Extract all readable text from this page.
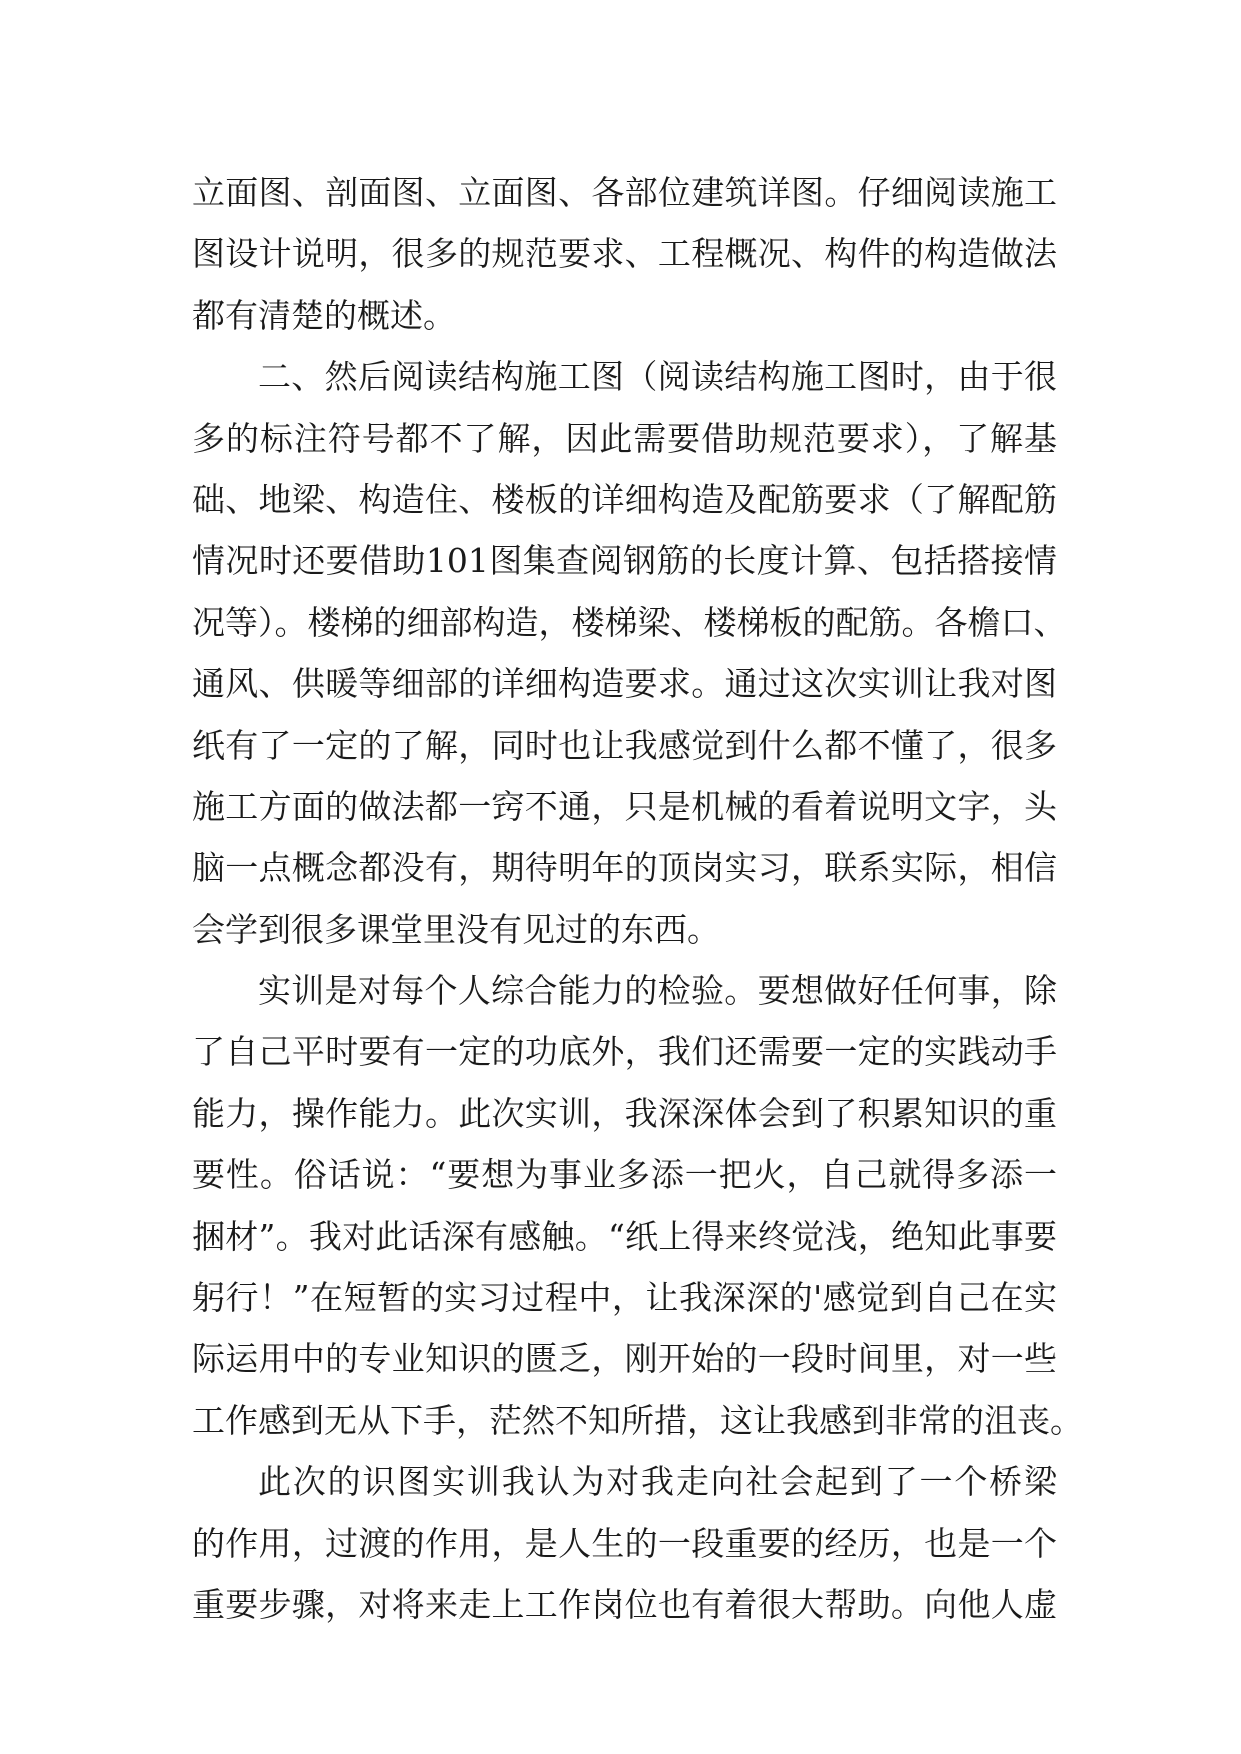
立面图、剖面图、立面图、各部位建筑详图。仔细阅读施工
图设计说明，很多的规范要求、工程概况、构件的构造做法
都有清楚的概述。
二、然后阅读结构施工图（阅读结构施工图时，由于很
多的标注符号都不了解，因此需要借助规范要求），了解基
础、地梁、构造住、楼板的详细构造及配筋要求（了解配筋
情况时还要借助101图集查阅钢筋的长度计算、包括搭接情
况等）。楼梯的细部构造，楼梯梁、楼梯板的配筋。各檐口、
通风、供暖等细部的详细构造要求。通过这次实训让我对图
纸有了一定的了解，同时也让我感觉到什么都不懂了，很多
施工方面的做法都一窍不通，只是机械的看着说明文字，头
脑一点概念都没有，期待明年的顶岗实习，联系实际，相信
会学到很多课堂里没有见过的东西。
实训是对每个人综合能力的检验。要想做好任何事，除
了自己平时要有一定的功底外，我们还需要一定的实践动手
能力，操作能力。此次实训，我深深体会到了积累知识的重
要性。俗话说：“要想为事业多添一把火，自己就得多添一
捆材”。我对此话深有感触。“纸上得来终觉浅，绝知此事要
躬行！”在短暂的实习过程中，让我深深的'感觉到自己在实
际运用中的专业知识的匮乏，刚开始的一段时间里，对一些
工作感到无从下手，茫然不知所措，这让我感到非常的沮丧。
此次的识图实训我认为对我走向社会起到了一个桥梁
的作用，过渡的作用，是人生的一段重要的经历，也是一个
重要步骤，对将来走上工作岗位也有着很大帮助。向他人虚
